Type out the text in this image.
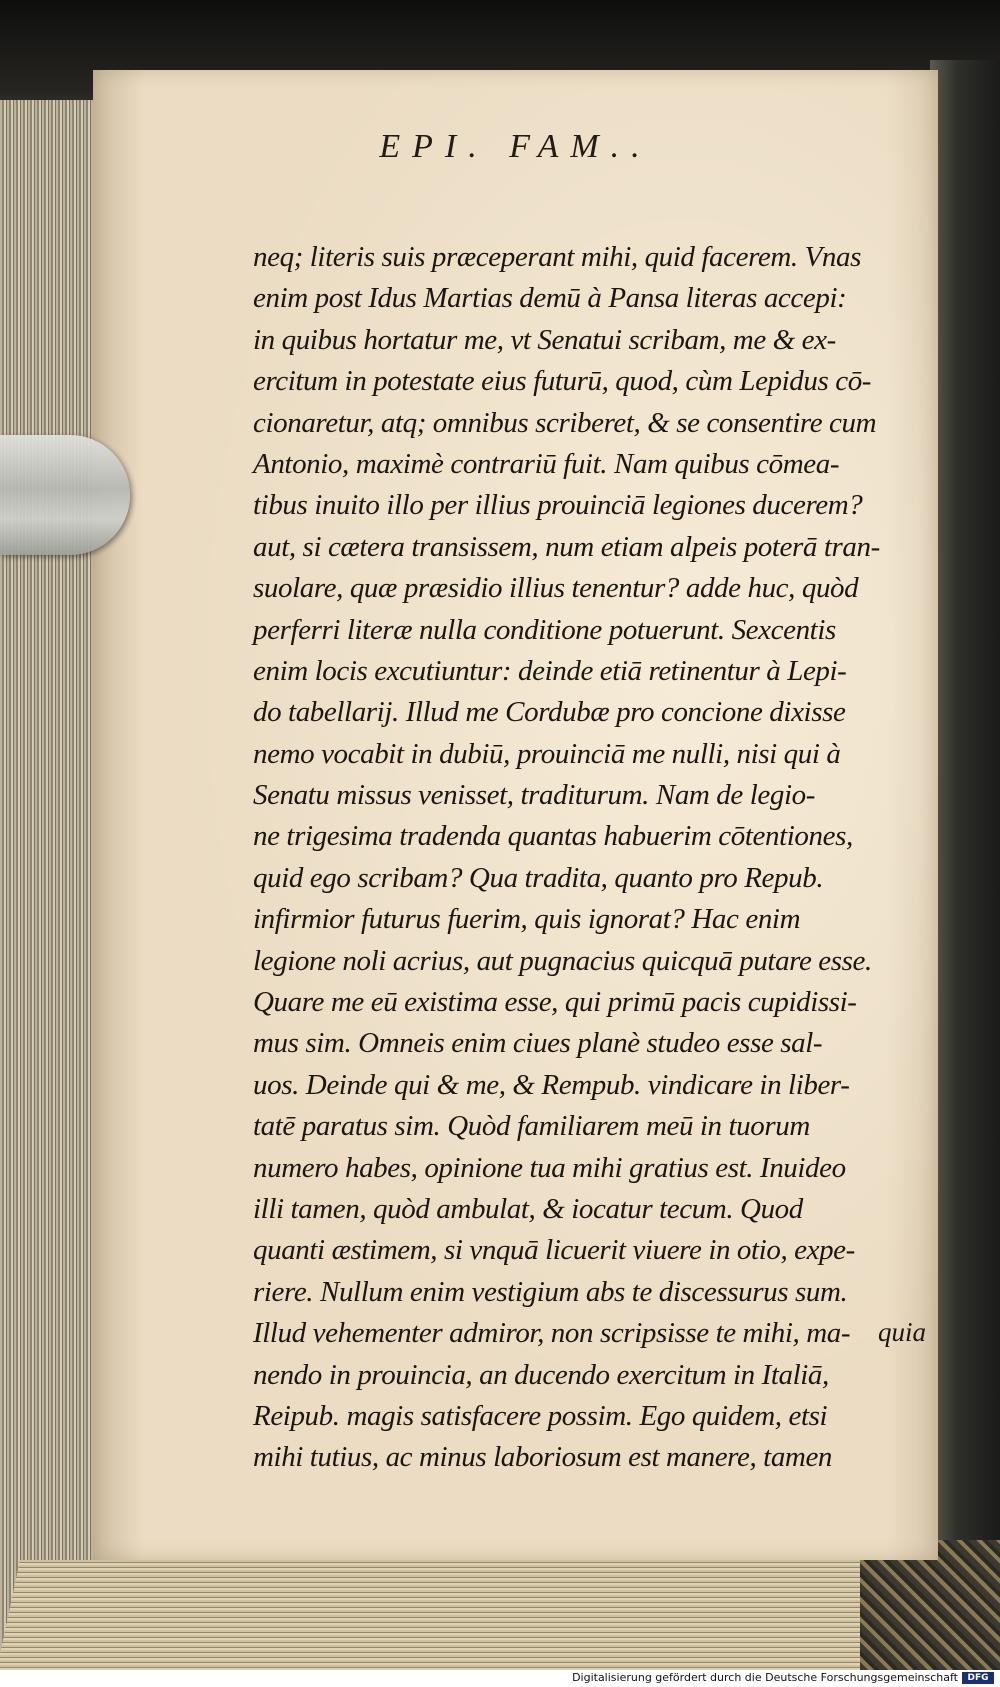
EPI. FAM..
neq; literis suis præceperant mihi, quid facerem. Vnas
enim post Idus Martias demū à Pansa literas accepi:
in quibus hortatur me, vt Senatui scribam, me & ex-
ercitum in potestate eius futurū, quod, cùm Lepidus cō-
cionaretur, atq; omnibus scriberet, & se consentire cum
Antonio, maximè contrariū fuit. Nam quibus cōmea-
tibus inuito illo per illius prouinciā legiones ducerem?
aut, si cætera transissem, num etiam alpeis poterā tran-
suolare, quæ præsidio illius tenentur? adde huc, quòd
perferri literæ nulla conditione potuerunt. Sexcentis
enim locis excutiuntur: deinde etiā retinentur à Lepi-
do tabellarij. Illud me Cordubæ pro concione dixisse
nemo vocabit in dubiū, prouinciā me nulli, nisi qui à
Senatu missus venisset, traditurum. Nam de legio-
ne trigesima tradenda quantas habuerim cōtentiones,
quid ego scribam? Qua tradita, quanto pro Repub.
infirmior futurus fuerim, quis ignorat? Hac enim
legione noli acrius, aut pugnacius quicquā putare esse.
Quare me eū existima esse, qui primū pacis cupidissi-
mus sim. Omneis enim ciues planè studeo esse sal-
uos. Deinde qui & me, & Rempub. vindicare in liber-
tatē paratus sim. Quòd familiarem meū in tuorum
numero habes, opinione tua mihi gratius est. Inuideo
illi tamen, quòd ambulat, & iocatur tecum. Quod
quanti æstimem, si vnquā licuerit viuere in otio, expe-
riere. Nullum enim vestigium abs te discessurus sum.
Illud vehementer admiror, non scripsisse te mihi, ma-
nendo in prouincia, an ducendo exercitum in Italiā,
Reipub. magis satisfacere possim. Ego quidem, etsi
mihi tutius, ac minus laboriosum est manere, tamen
quia
Digitalisierung gefördert durch die Deutsche Forschungsgemeinschaft	DFG
